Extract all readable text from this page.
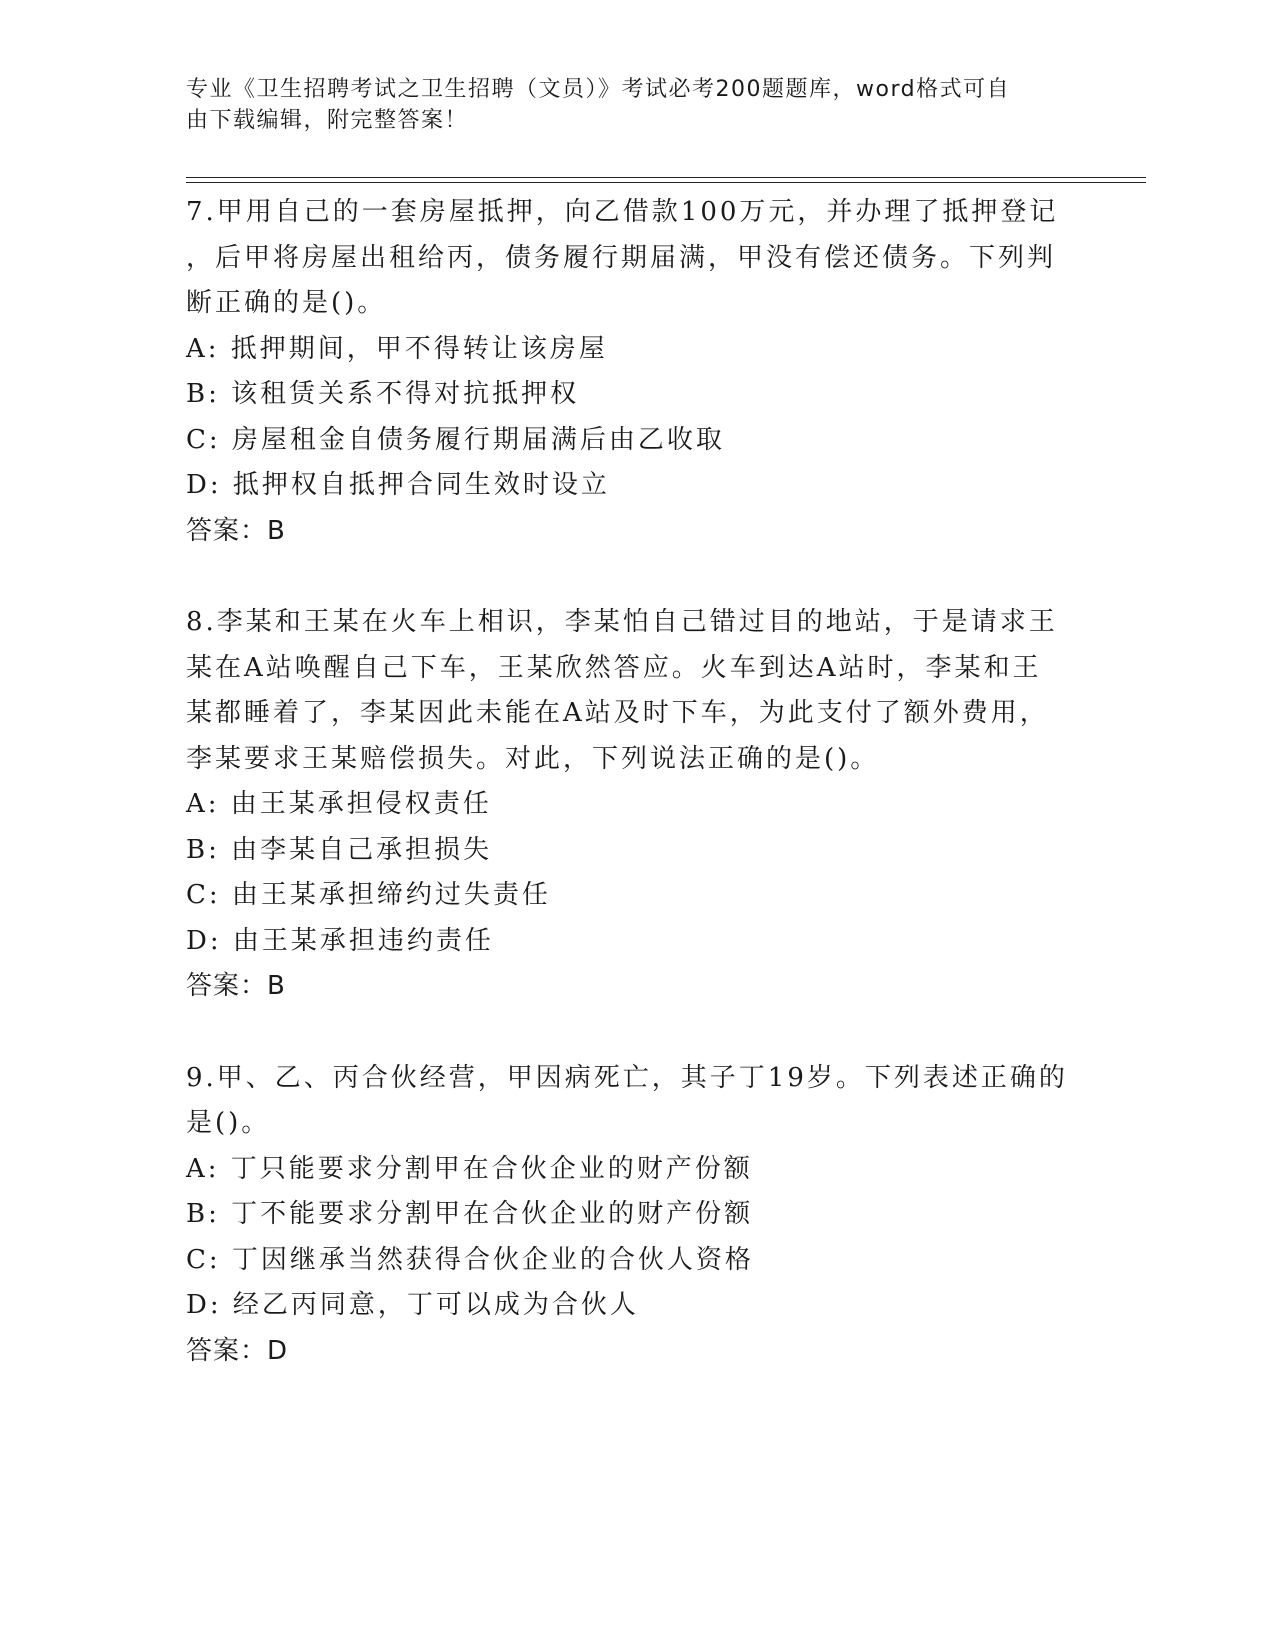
专业《卫生招聘考试之卫生招聘（文员）》考试必考200题题库，word格式可自
由下载编辑，附完整答案！
7.甲用自己的一套房屋抵押，向乙借款100万元，并办理了抵押登记
，后甲将房屋出租给丙，债务履行期届满，甲没有偿还债务。下列判
断正确的是()。
A: 抵押期间，甲不得转让该房屋
B: 该租赁关系不得对抗抵押权
C: 房屋租金自债务履行期届满后由乙收取
D: 抵押权自抵押合同生效时设立
答案：B
8.李某和王某在火车上相识，李某怕自己错过目的地站，于是请求王
某在A站唤醒自己下车，王某欣然答应。火车到达A站时，李某和王
某都睡着了，李某因此未能在A站及时下车，为此支付了额外费用，
李某要求王某赔偿损失。对此，下列说法正确的是()。
A: 由王某承担侵权责任
B: 由李某自己承担损失
C: 由王某承担缔约过失责任
D: 由王某承担违约责任
答案：B
9.甲、乙、丙合伙经营，甲因病死亡，其子丁19岁。下列表述正确的
是()。
A: 丁只能要求分割甲在合伙企业的财产份额
B: 丁不能要求分割甲在合伙企业的财产份额
C: 丁因继承当然获得合伙企业的合伙人资格
D: 经乙丙同意，丁可以成为合伙人
答案：D
